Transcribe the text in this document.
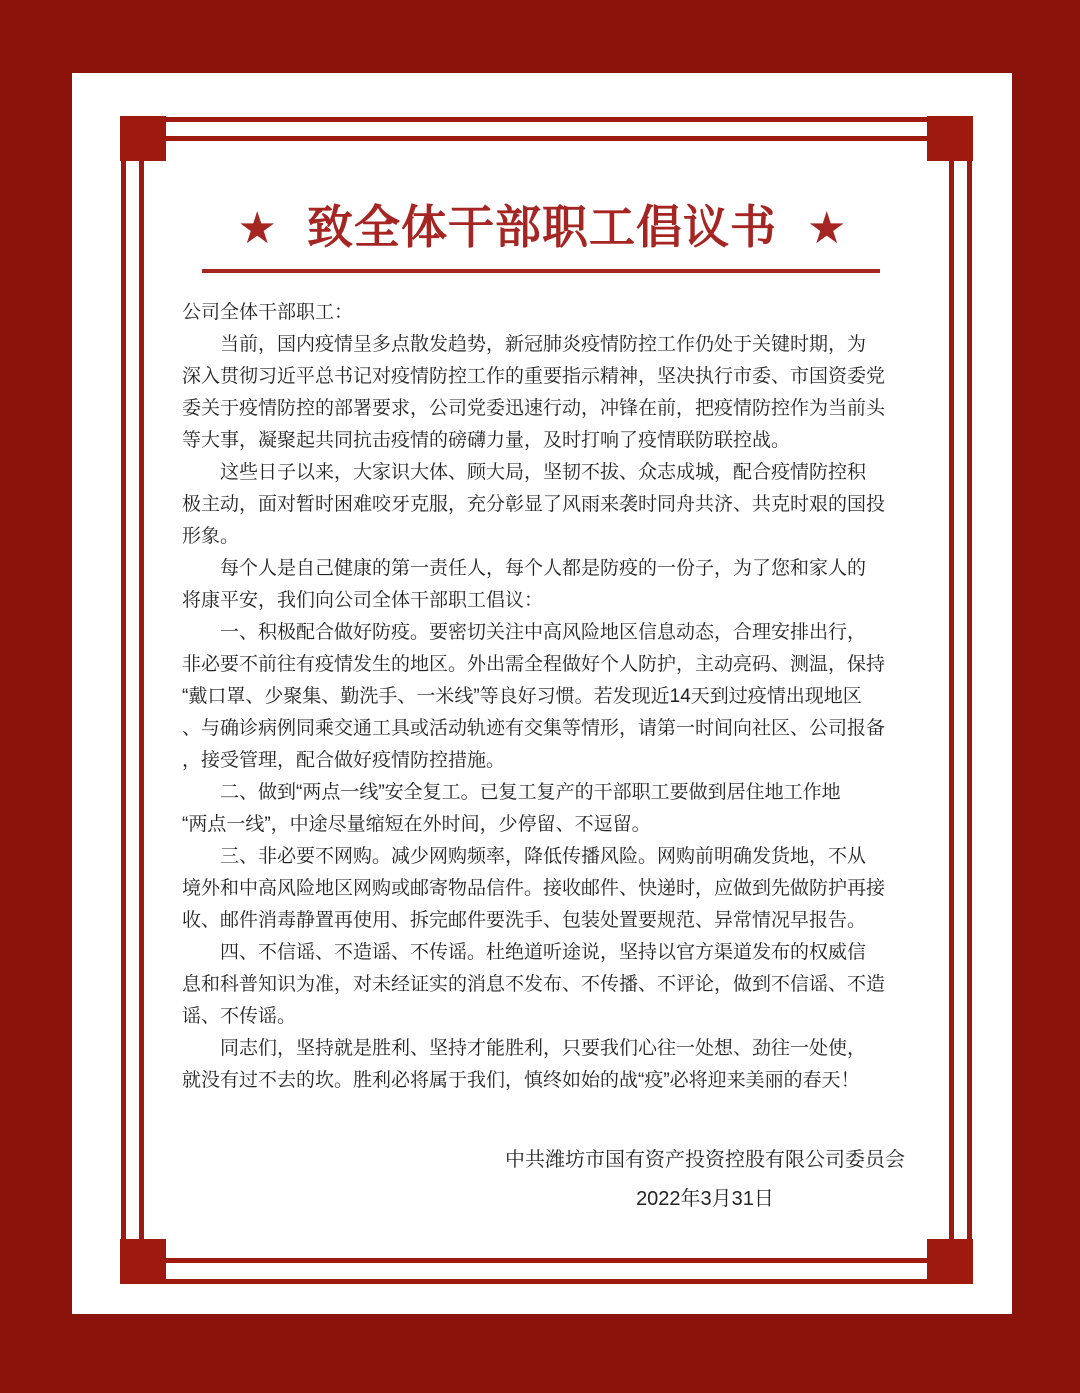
★ 致全体干部职工倡议书 ★
公司全体干部职工：
　　当前，国内疫情呈多点散发趋势，新冠肺炎疫情防控工作仍处于关键时期，为
深入贯彻习近平总书记对疫情防控工作的重要指示精神，坚决执行市委、市国资委党
委关于疫情防控的部署要求，公司党委迅速行动，冲锋在前，把疫情防控作为当前头
等大事，凝聚起共同抗击疫情的磅礴力量，及时打响了疫情联防联控战。
　　这些日子以来，大家识大体、顾大局，坚韧不拔、众志成城，配合疫情防控积
极主动，面对暂时困难咬牙克服，充分彰显了风雨来袭时同舟共济、共克时艰的国投
形象。
　　每个人是自己健康的第一责任人，每个人都是防疫的一份子，为了您和家人的
将康平安，我们向公司全体干部职工倡议：
　　一、积极配合做好防疫。要密切关注中高风险地区信息动态，合理安排出行，
非必要不前往有疫情发生的地区。外出需全程做好个人防护，主动亮码、测温，保持
“戴口罩、少聚集、勤洗手、一米线”等良好习惯。若发现近14天到过疫情出现地区
、与确诊病例同乘交通工具或活动轨迹有交集等情形，请第一时间向社区、公司报备
，接受管理，配合做好疫情防控措施。
　　二、做到“两点一线”安全复工。已复工复产的干部职工要做到居住地工作地
“两点一线”，中途尽量缩短在外时间，少停留、不逗留。
　　三、非必要不网购。减少网购频率，降低传播风险。网购前明确发货地，不从
境外和中高风险地区网购或邮寄物品信件。接收邮件、快递时，应做到先做防护再接
收、邮件消毒静置再使用、拆完邮件要洗手、包装处置要规范、异常情况早报告。
　　四、不信谣、不造谣、不传谣。杜绝道听途说，坚持以官方渠道发布的权威信
息和科普知识为准，对未经证实的消息不发布、不传播、不评论，做到不信谣、不造
谣、不传谣。
　　同志们，坚持就是胜利、坚持才能胜利，只要我们心往一处想、劲往一处使，
就没有过不去的坎。胜利必将属于我们，慎终如始的战“疫”必将迎来美丽的春天！
中共潍坊市国有资产投资控股有限公司委员会
2022年3月31日
